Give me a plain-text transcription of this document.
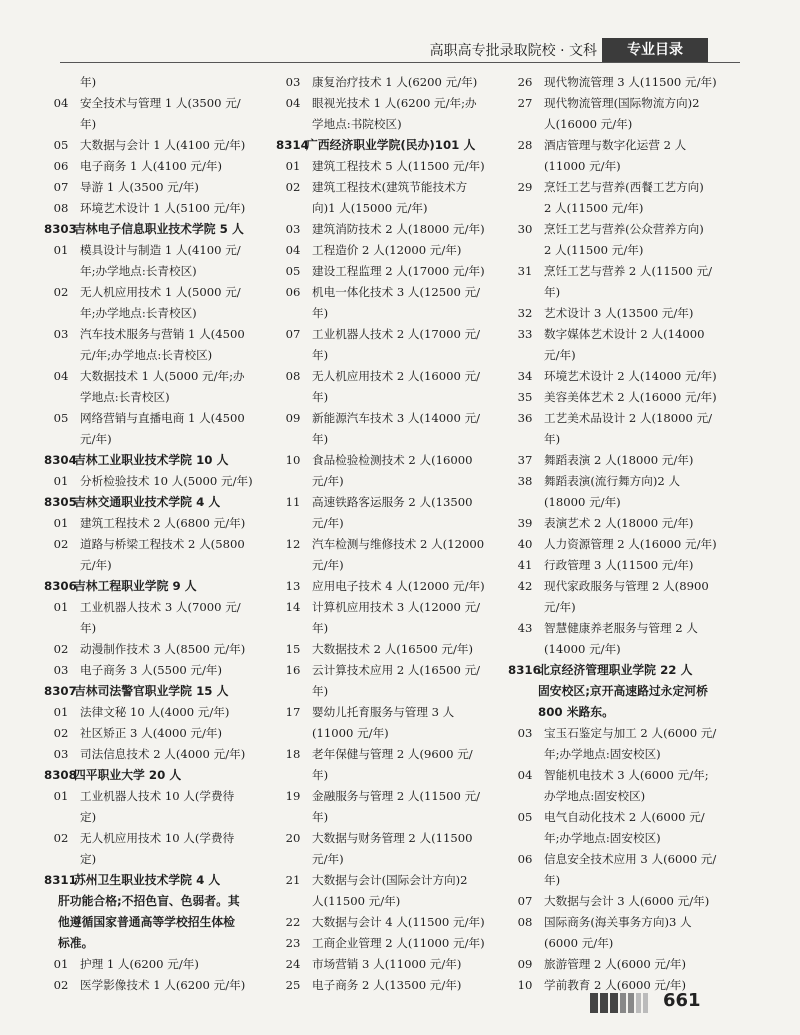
高职高专批录取院校 · 文科	专业目录
年)
04	安全技术与管理 1 人(3500 元/
年)
05	大数据与会计 1 人(4100 元/年)
06	电子商务 1 人(4100 元/年)
07	导游 1 人(3500 元/年)
08	环境艺术设计 1 人(5100 元/年)
8303
吉林电子信息职业技术学院 5 人
01	模具设计与制造 1 人(4100 元/
年;办学地点:长青校区)
02	无人机应用技术 1 人(5000 元/
年;办学地点:长青校区)
03	汽车技术服务与营销 1 人(4500
元/年;办学地点:长青校区)
04	大数据技术 1 人(5000 元/年;办
学地点:长青校区)
05	网络营销与直播电商 1 人(4500
元/年)
8304
吉林工业职业技术学院 10 人
01	分析检验技术 10 人(5000 元/年)
8305
吉林交通职业技术学院 4 人
01	建筑工程技术 2 人(6800 元/年)
02	道路与桥梁工程技术 2 人(5800
元/年)
8306
吉林工程职业学院 9 人
01	工业机器人技术 3 人(7000 元/
年)
02	动漫制作技术 3 人(8500 元/年)
03	电子商务 3 人(5500 元/年)
8307
吉林司法警官职业学院 15 人
01	法律文秘 10 人(4000 元/年)
02	社区矫正 3 人(4000 元/年)
03	司法信息技术 2 人(4000 元/年)
8308
四平职业大学 20 人
01	工业机器人技术 10 人(学费待
定)
02	无人机应用技术 10 人(学费待
定)
8311
苏州卫生职业技术学院 4 人
肝功能合格;不招色盲、色弱者。其
他遵循国家普通高等学校招生体检
标准。
01	护理 1 人(6200 元/年)
02	医学影像技术 1 人(6200 元/年)
03	康复治疗技术 1 人(6200 元/年)
04	眼视光技术 1 人(6200 元/年;办
学地点:书院校区)
8314
广西经济职业学院(民办)101 人
01	建筑工程技术 5 人(11500 元/年)
02	建筑工程技术(建筑节能技术方
向)1 人(15000 元/年)
03	建筑消防技术 2 人(18000 元/年)
04	工程造价 2 人(12000 元/年)
05	建设工程监理 2 人(17000 元/年)
06	机电一体化技术 3 人(12500 元/
年)
07	工业机器人技术 2 人(17000 元/
年)
08	无人机应用技术 2 人(16000 元/
年)
09	新能源汽车技术 3 人(14000 元/
年)
10	食品检验检测技术 2 人(16000
元/年)
11	高速铁路客运服务 2 人(13500
元/年)
12	汽车检测与维修技术 2 人(12000
元/年)
13	应用电子技术 4 人(12000 元/年)
14	计算机应用技术 3 人(12000 元/
年)
15	大数据技术 2 人(16500 元/年)
16	云计算技术应用 2 人(16500 元/
年)
17	婴幼儿托育服务与管理 3 人
(11000 元/年)
18	老年保健与管理 2 人(9600 元/
年)
19	金融服务与管理 2 人(11500 元/
年)
20	大数据与财务管理 2 人(11500
元/年)
21	大数据与会计(国际会计方向)2
人(11500 元/年)
22	大数据与会计 4 人(11500 元/年)
23	工商企业管理 2 人(11000 元/年)
24	市场营销 3 人(11000 元/年)
25	电子商务 2 人(13500 元/年)
26	现代物流管理 3 人(11500 元/年)
27	现代物流管理(国际物流方向)2
人(16000 元/年)
28	酒店管理与数字化运营 2 人
(11000 元/年)
29	烹饪工艺与营养(西餐工艺方向)
2 人(11500 元/年)
30	烹饪工艺与营养(公众营养方向)
2 人(11500 元/年)
31	烹饪工艺与营养 2 人(11500 元/
年)
32	艺术设计 3 人(13500 元/年)
33	数字媒体艺术设计 2 人(14000
元/年)
34	环境艺术设计 2 人(14000 元/年)
35	美容美体艺术 2 人(16000 元/年)
36	工艺美术品设计 2 人(18000 元/
年)
37	舞蹈表演 2 人(18000 元/年)
38	舞蹈表演(流行舞方向)2 人
(18000 元/年)
39	表演艺术 2 人(18000 元/年)
40	人力资源管理 2 人(16000 元/年)
41	行政管理 3 人(11500 元/年)
42	现代家政服务与管理 2 人(8900
元/年)
43	智慧健康养老服务与管理 2 人
(14000 元/年)
8316
北京经济管理职业学院 22 人
固安校区;京开高速路过永定河桥
800 米路东。
03	宝玉石鉴定与加工 2 人(6000 元/
年;办学地点:固安校区)
04	智能机电技术 3 人(6000 元/年;
办学地点:固安校区)
05	电气自动化技术 2 人(6000 元/
年;办学地点:固安校区)
06	信息安全技术应用 3 人(6000 元/
年)
07	大数据与会计 3 人(6000 元/年)
08	国际商务(海关事务方向)3 人
(6000 元/年)
09	旅游管理 2 人(6000 元/年)
10	学前教育 2 人(6000 元/年)
661
